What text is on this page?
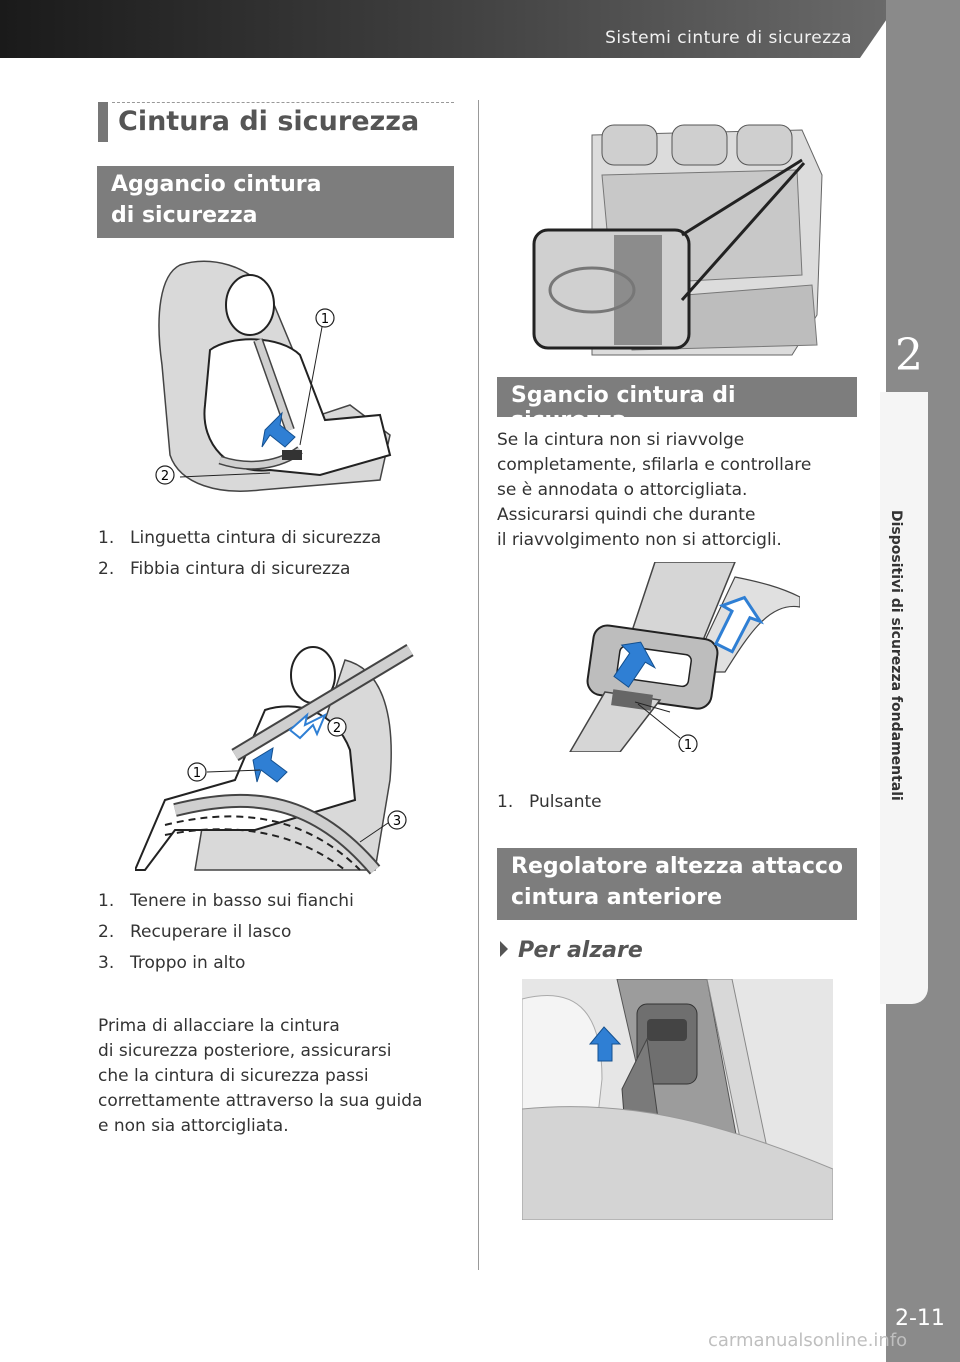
Sistemi cinture di sicurezza
2
Dispositivi di sicurezza fondamentali
2-11
carmanualsonline.info
Cintura di sicurezza
Aggancio cintura
di sicurezza
1
2
1. Linguetta cintura di sicurezza
2. Fibbia cintura di sicurezza
2
1
3
1. Tenere in basso sui fianchi
2. Recuperare il lasco
3. Troppo in alto
Prima di allacciare la cintura
di sicurezza posteriore, assicurarsi
che la cintura di sicurezza passi
correttamente attraverso la sua guida
e non sia attorcigliata.
Sgancio cintura di sicurezza
Se la cintura non si riavvolge
completamente, sfilarla e controllare
se è annodata o attorcigliata.
Assicurarsi quindi che durante
il riavvolgimento non si attorcigli.
1
1. Pulsante
Regolatore altezza attacco
cintura anteriore
Per alzare
